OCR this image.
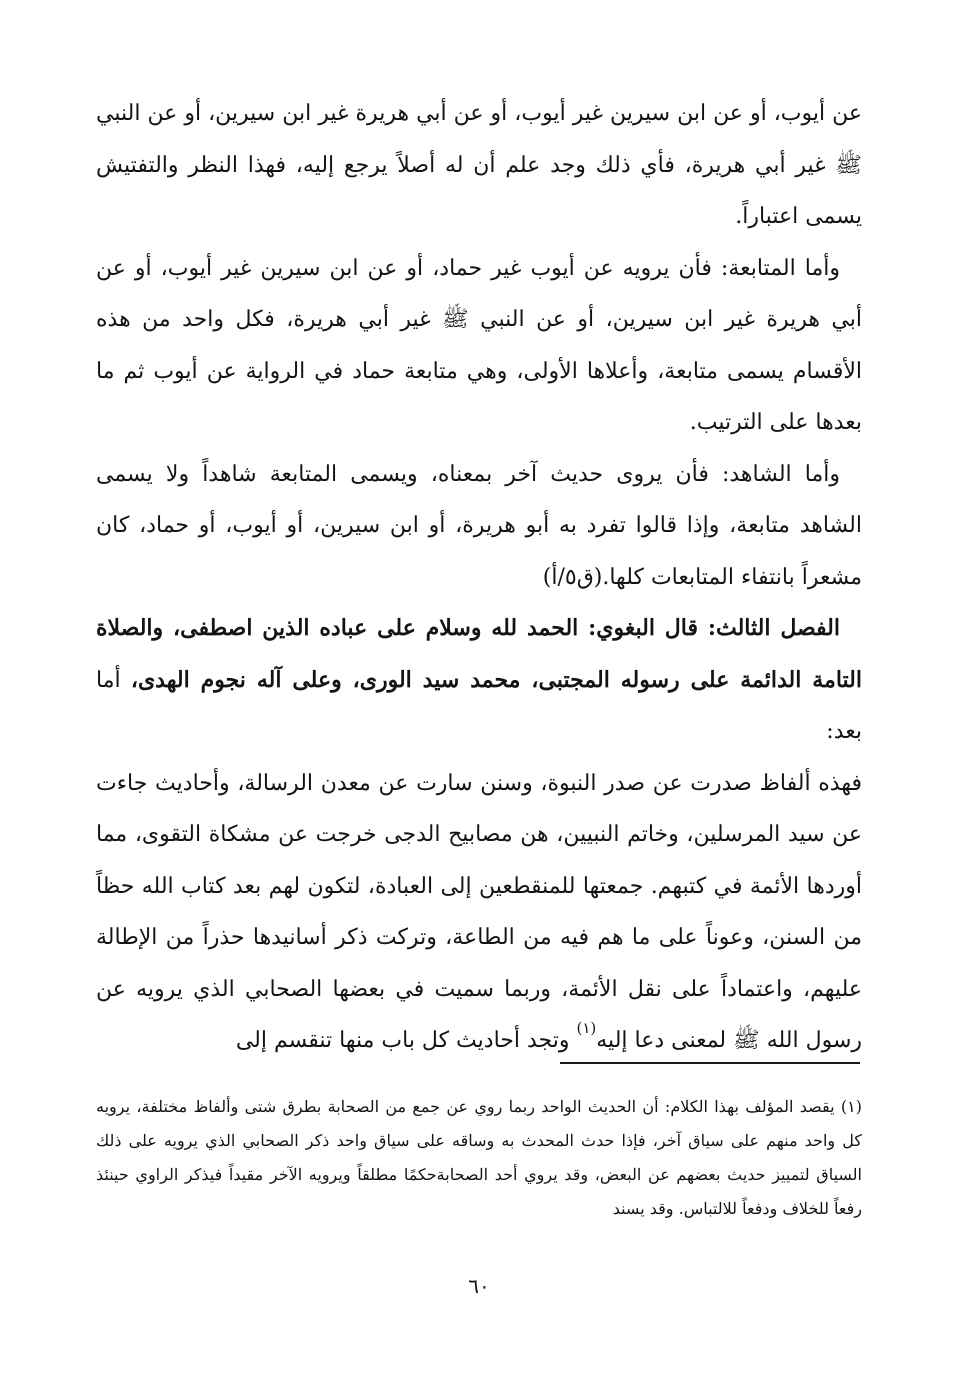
عن أيوب، أو عن ابن سيرين غير أيوب، أو عن أبي هريرة غير ابن سيرين، أو عن النبي ﷺ غير أبي هريرة، فأي ذلك وجد علم أن له أصلاً يرجع إليه، فهذا النظر والتفتيش يسمى اعتباراً.

وأما المتابعة: فأن يرويه عن أيوب غير حماد، أو عن ابن سيرين غير أيوب، أو عن أبي هريرة غير ابن سيرين، أو عن النبي ﷺ غير أبي هريرة، فكل واحد من هذه الأقسام يسمى متابعة، وأعلاها الأولى، وهي متابعة حماد في الرواية عن أيوب ثم ما بعدها على الترتيب.

وأما الشاهد: فأن يروى حديث آخر بمعناه، ويسمى المتابعة شاهداً ولا يسمى الشاهد متابعة، وإذا قالوا تفرد به أبو هريرة، أو ابن سيرين، أو أيوب، أو حماد، كان مشعراً بانتفاء المتابعات كلها.(ق٥/أ)

الفصل الثالث: قال البغوي: الحمد لله وسلام على عباده الذين اصطفى، والصلاة التامة الدائمة على رسوله المجتبى، محمد سيد الورى، وعلى آله نجوم الهدى، أما بعد:

فهذه ألفاظ صدرت عن صدر النبوة، وسنن سارت عن معدن الرسالة، وأحاديث جاءت عن سيد المرسلين، وخاتم النبيين، هن مصابيح الدجى خرجت عن مشكاة التقوى، مما أوردها الأئمة في كتبهم. جمعتها للمنقطعين إلى العبادة، لتكون لهم بعد كتاب الله حظاً من السنن، وعوناً على ما هم فيه من الطاعة، وتركت ذكر أسانيدها حذراً من الإطالة عليهم، واعتماداً على نقل الأئمة، وربما سميت في بعضها الصحابي الذي يرويه عن رسول الله ﷺ لمعنى دعا إليه$^{(١)}$ وتجد أحاديث كل باب منها تنقسم إلى

(١) يقصد المؤلف بهذا الكلام: أن الحديث الواحد ربما روي عن جمع من الصحابة بطرق شتى وألفاظ مختلفة، يرويه كل واحد منهم على سياق آخر، فإذا حدث المحدث به وساقه على سياق واحد ذكر الصحابي الذي يرويه على ذلك السياق لتمييز حديث بعضهم عن البعض، وقد يروي أحد الصحابةحكمًا مطلقاً ويرويه الآخر مقيداً فيذكر الراوي حينئذ رفعاً للخلاف ودفعاً للالتباس. وقد يسند

٦٠
